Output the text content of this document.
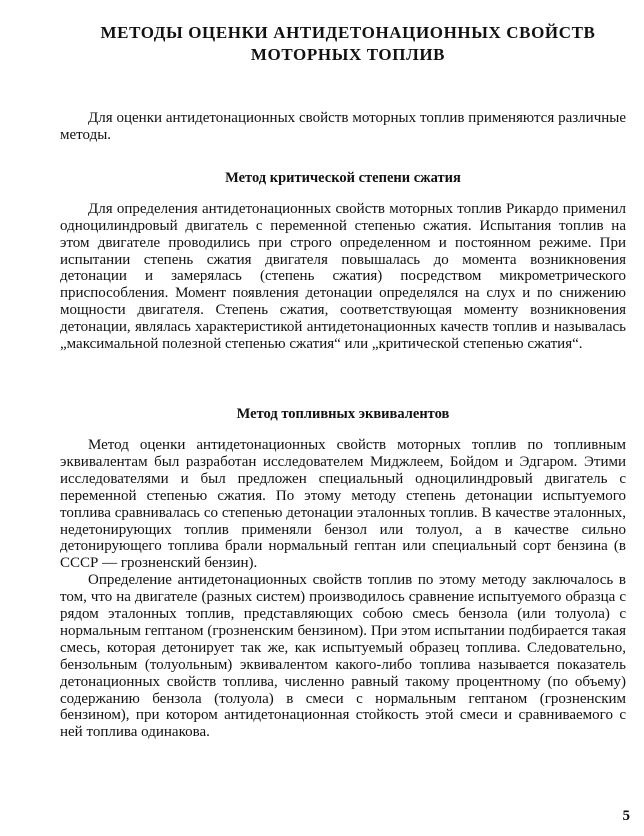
МЕТОДЫ ОЦЕНКИ АНТИДЕТОНАЦИОННЫХ СВОЙСТВ
МОТОРНЫХ ТОПЛИВ

Для оценки антидетонационных свойств моторных топлив применяются различные методы.

Метод критической степени сжатия

Для определения антидетонационных свойств моторных топлив Рикардо применил одноцилиндровый двигатель с переменной степенью сжатия. Испытания топлив на этом двигателе проводились при строго определенном и постоянном режиме. При испытании степень сжатия двигателя повышалась до момента возникновения детонации и замерялась (степень сжатия) посредством микрометрического приспособления. Момент появления детонации определялся на слух и по снижению мощности двигателя. Степень сжатия, соответствующая моменту возникновения детонации, являлась характеристикой антидетонационных качеств топлив и называлась „максимальной полезной степенью сжатия“ или „критической степенью сжатия“.

Метод топливных эквивалентов

Метод оценки антидетонационных свойств моторных топлив по топливным эквивалентам был разработан исследователем Миджлеем, Бойдом и Эдгаром. Этими исследователями и был предложен специальный одноцилиндровый двигатель с переменной степенью сжатия. По этому методу степень детонации испытуемого топлива сравнивалась со степенью детонации эталонных топлив. В качестве эталонных, недетонирующих топлив применяли бензол или толуол, а в качестве сильно детонирующего топлива брали нормальный гептан или специальный сорт бензина (в СССР — грозненский бензин).

Определение антидетонационных свойств топлив по этому методу заключалось в том, что на двигателе (разных систем) производилось сравнение испытуемого образца с рядом эталонных топлив, представляющих собою смесь бензола (или толуола) с нормальным гептаном (грозненским бензином). При этом испытании подбирается такая смесь, которая детонирует так же, как испытуемый образец топлива. Следовательно, бензольным (толуольным) эквивалентом какого-либо топлива называется показатель детонационных свойств топлива, численно равный такому процентному (по объему) содержанию бензола (толуола) в смеси с нормальным гептаном (грозненским бензином), при котором антидетонационная стойкость этой смеси и сравниваемого с ней топлива одинакова.

5
